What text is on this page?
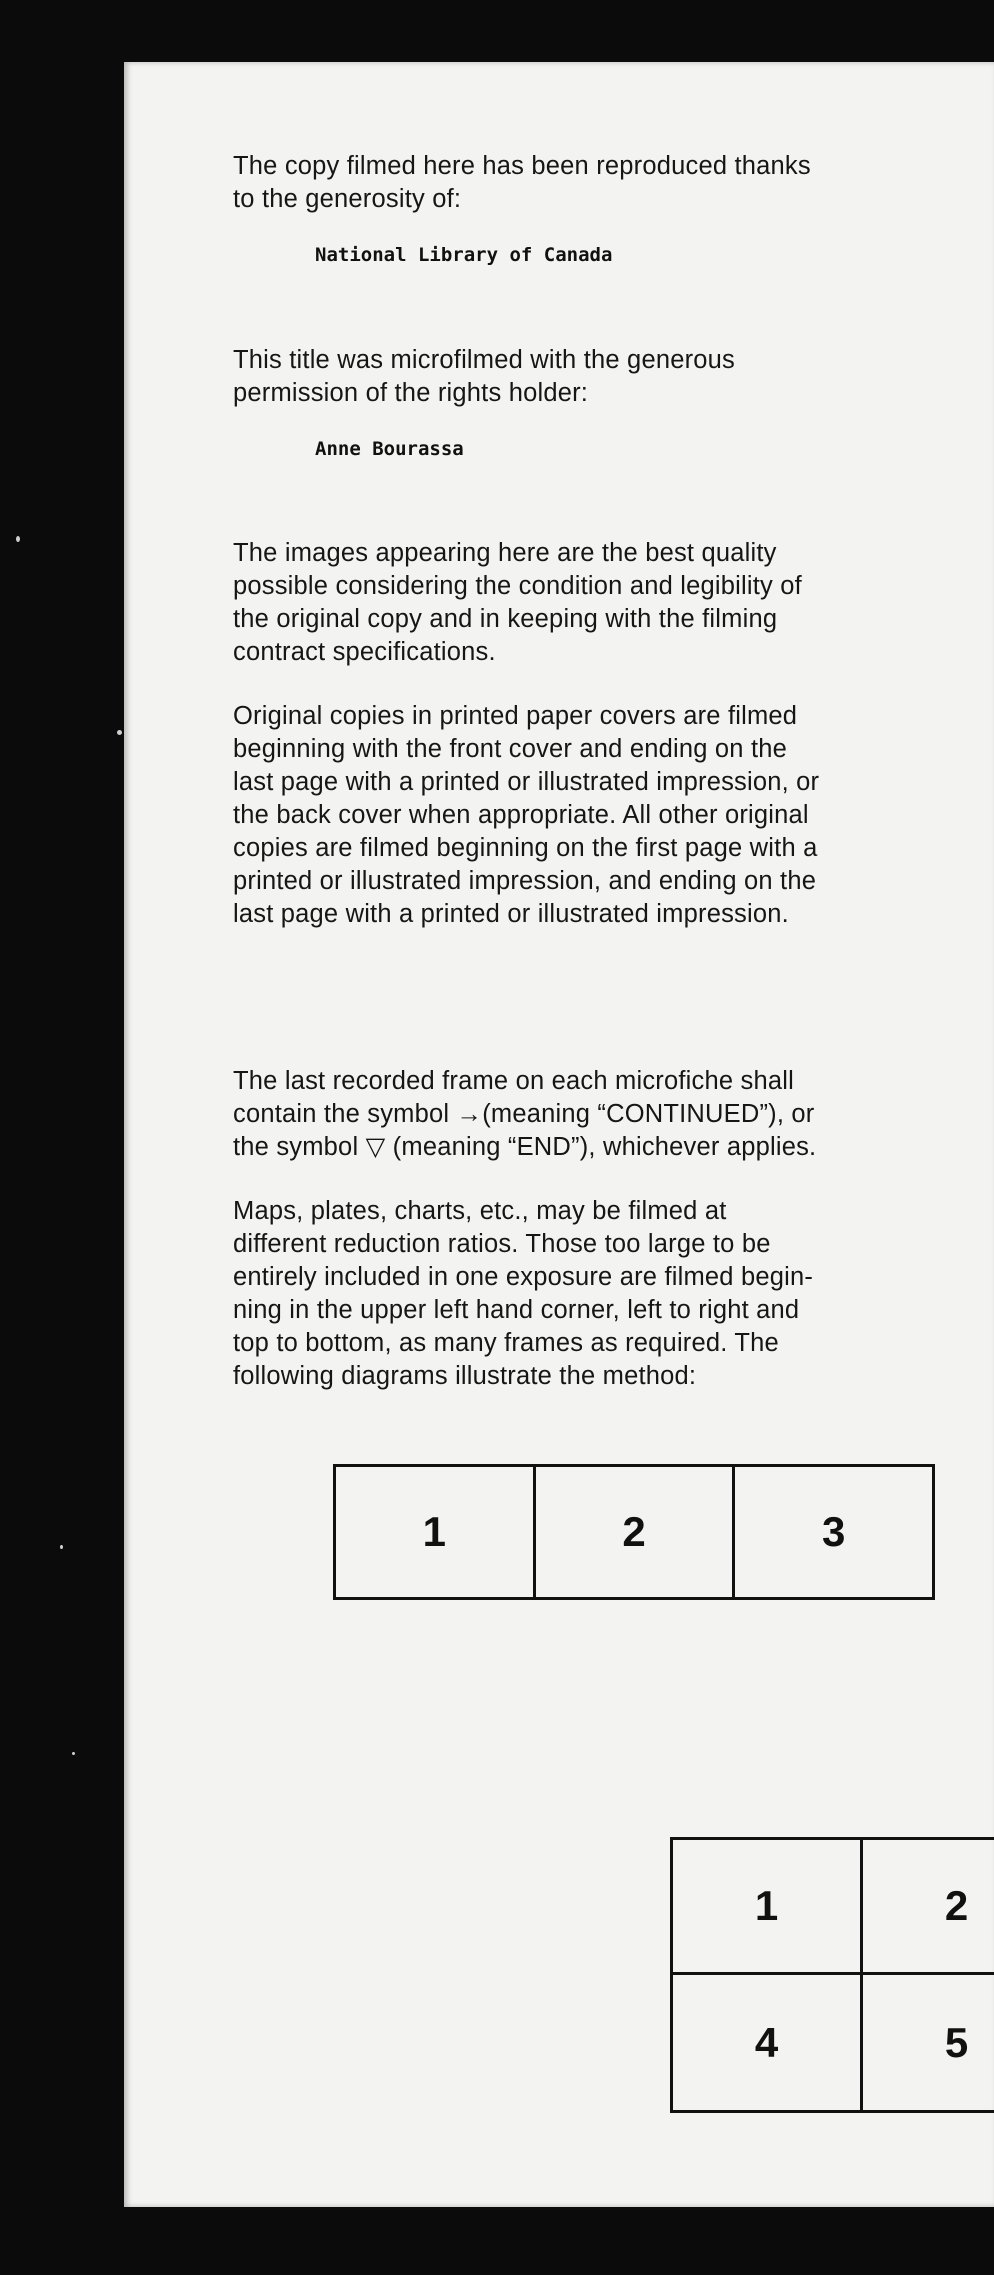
The copy filmed here has been reproduced thanks
to the generosity of:

National Library of Canada

This title was microfilmed with the generous
permission of the rights holder:

Anne Bourassa

The images appearing here are the best quality
possible considering the condition and legibility of
the original copy and in keeping with the filming
contract specifications.

Original copies in printed paper covers are filmed
beginning with the front cover and ending on the
last page with a printed or illustrated impression, or
the back cover when appropriate. All other original
copies are filmed beginning on the first page with a
printed or illustrated impression, and ending on the
last page with a printed or illustrated impression.

The last recorded frame on each microfiche shall
contain the symbol →(meaning “CONTINUED”), or
the symbol ▽ (meaning “END”), whichever applies.

Maps, plates, charts, etc., may be filmed at
different reduction ratios. Those too large to be
entirely included in one exposure are filmed begin-
ning in the upper left hand corner, left to right and
top to bottom, as many frames as required. The
following diagrams illustrate the method:

1	2	3
1	2
4	5
